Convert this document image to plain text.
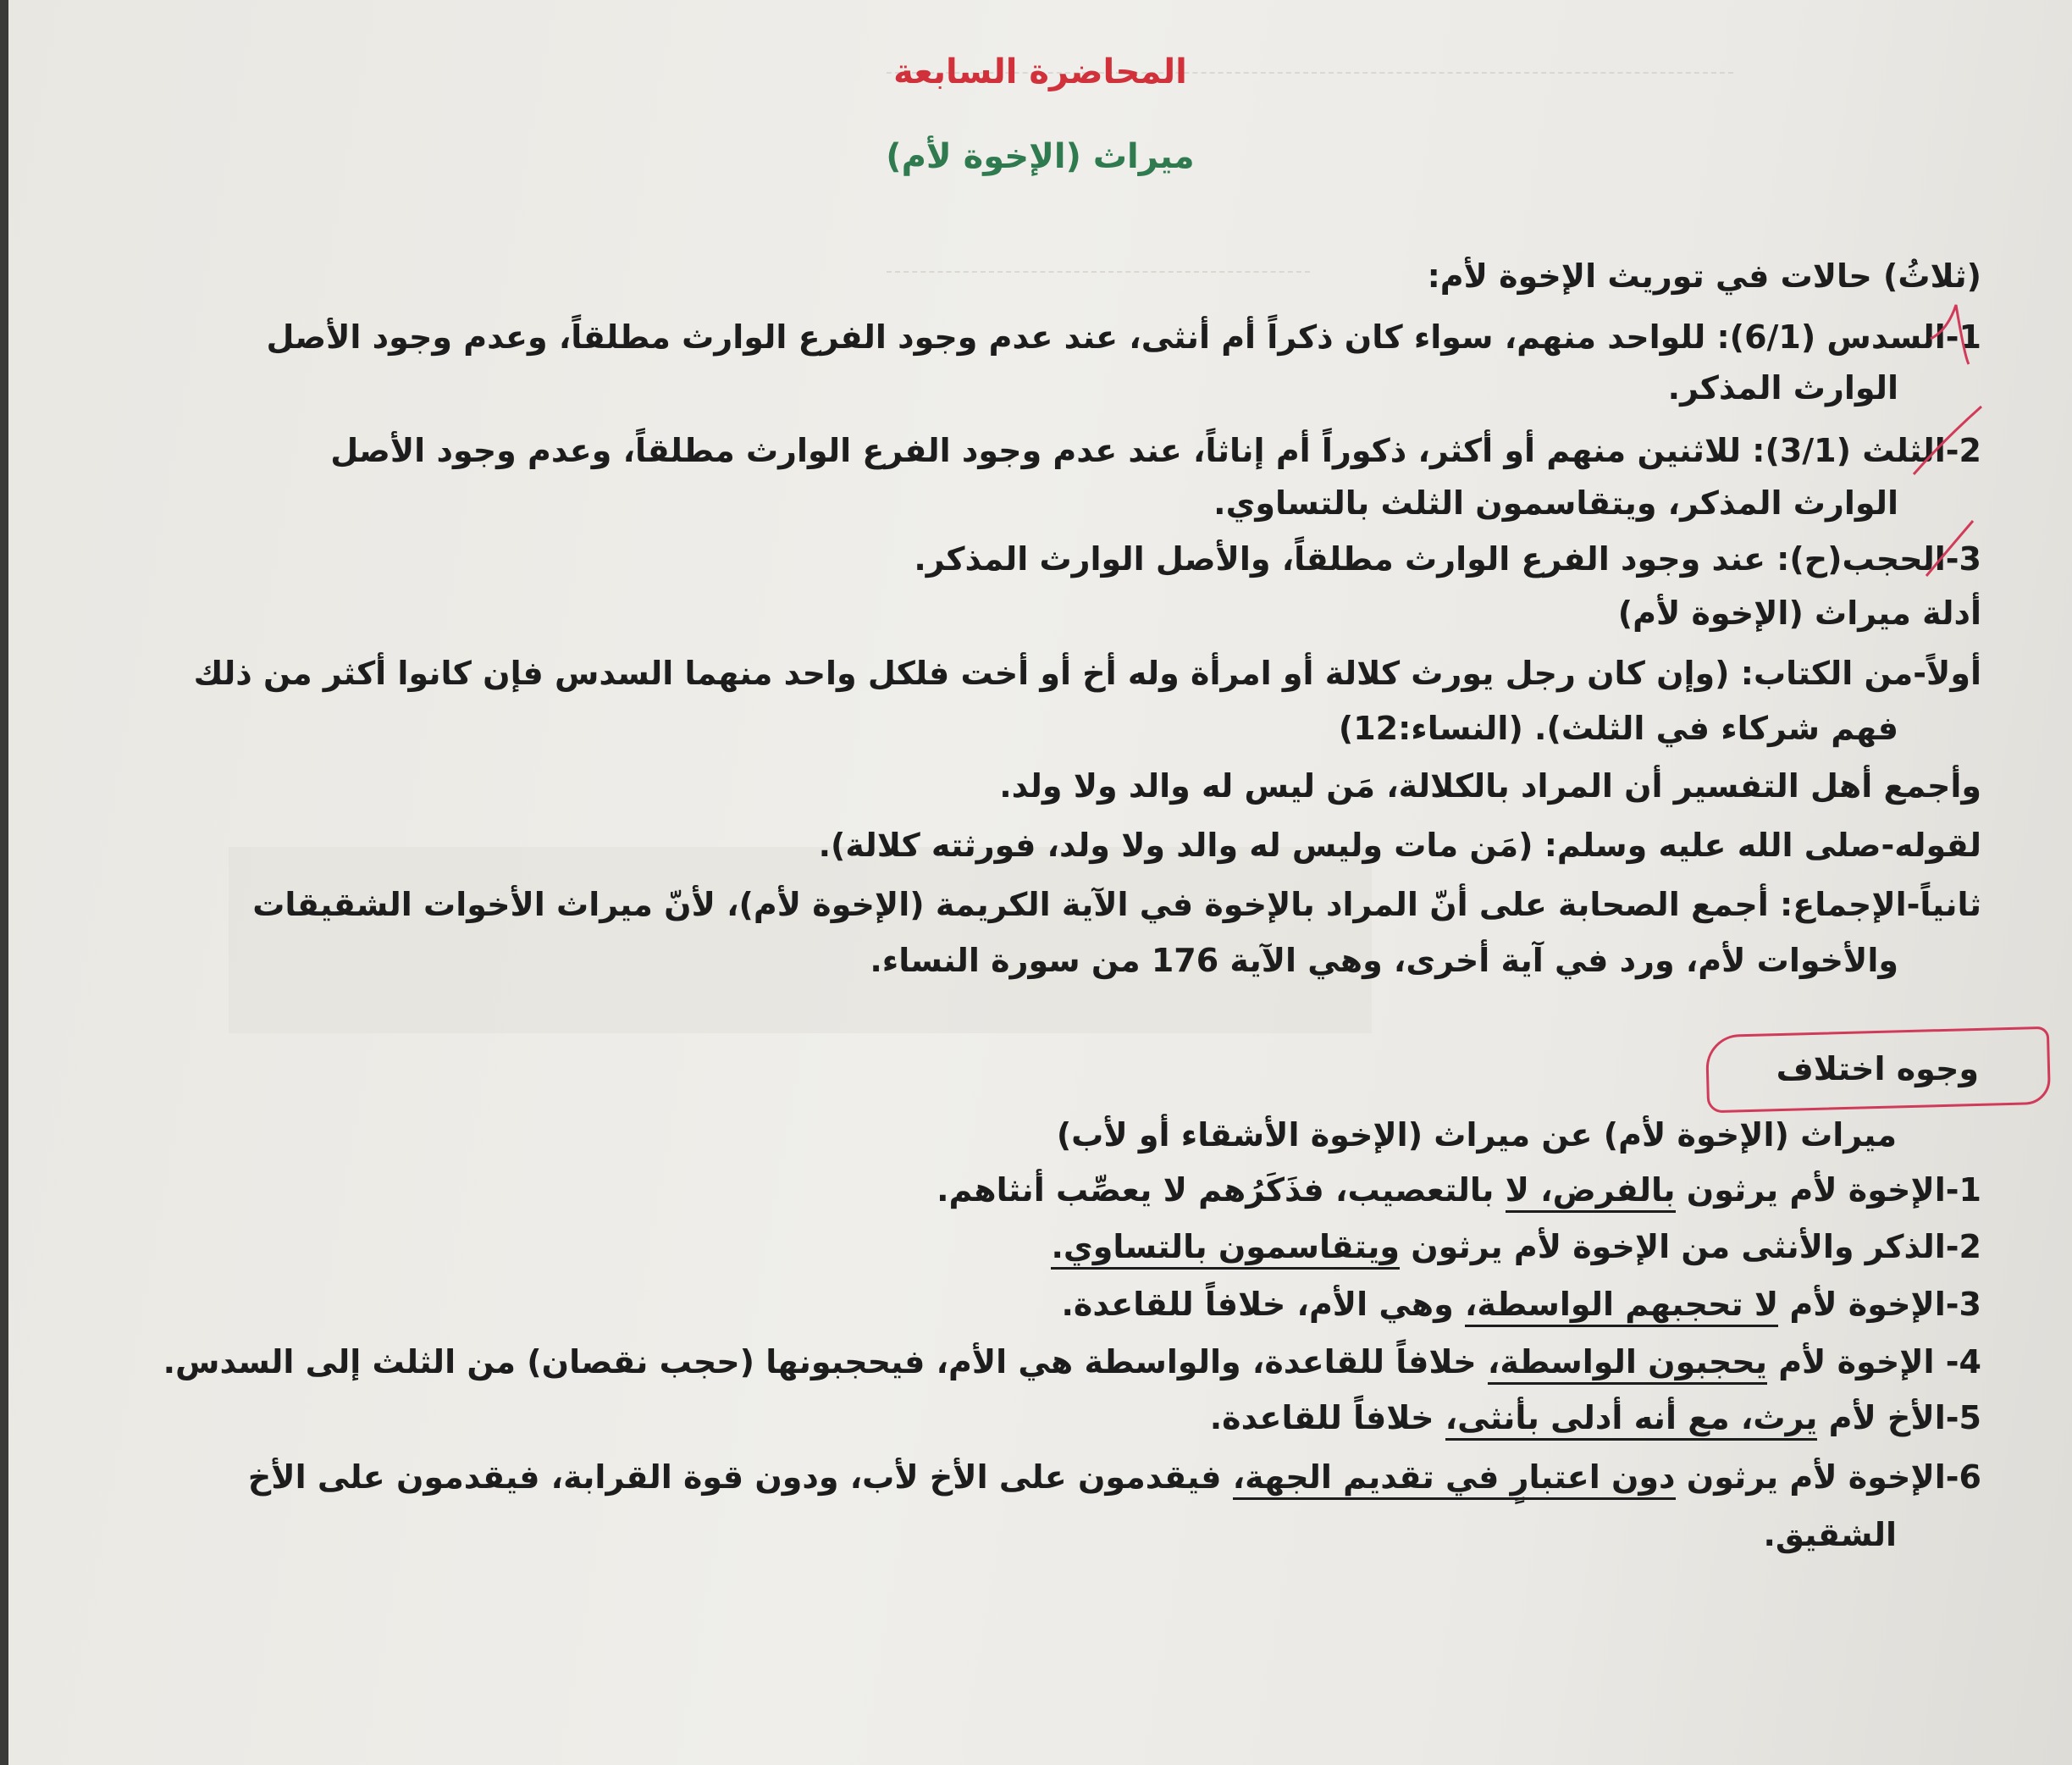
المحاضرة السابعة
ميراث (الإخوة لأم)
(ثلاثُ) حالات في توريث الإخوة لأم:
1-السدس (6/1): للواحد منهم، سواء كان ذكراً أم أنثى، عند عدم وجود الفرع الوارث مطلقاً، وعدم وجود الأصل
الوارث المذكر.
2-الثلث (3/1): للاثنين منهم أو أكثر، ذكوراً أم إناثاً، عند عدم وجود الفرع الوارث مطلقاً، وعدم وجود الأصل
الوارث المذكر، ويتقاسمون الثلث بالتساوي.
3-الحجب(ح): عند وجود الفرع الوارث مطلقاً، والأصل الوارث المذكر.
أدلة ميراث (الإخوة لأم)
أولاً-من الكتاب: (وإن كان رجل يورث كلالة أو امرأة وله أخ أو أخت فلكل واحد منهما السدس فإن كانوا أكثر من ذلك
فهم شركاء في الثلث). (النساء:12)
وأجمع أهل التفسير أن المراد بالكلالة، مَن ليس له والد ولا ولد.
لقوله-صلى الله عليه وسلم: (مَن مات وليس له والد ولا ولد، فورثته كلالة).
ثانياً-الإجماع: أجمع الصحابة على أنّ المراد بالإخوة في الآية الكريمة (الإخوة لأم)، لأنّ ميراث الأخوات الشقيقات
والأخوات لأم، ورد في آية أخرى، وهي الآية 176 من سورة النساء.
وجوه اختلاف
ميراث (الإخوة لأم) عن ميراث (الإخوة الأشقاء أو لأب)
1-الإخوة لأم يرثون بالفرض، لا بالتعصيب، فذَكَرُهم لا يعصِّب أنثاهم.
2-الذكر والأنثى من الإخوة لأم يرثون ويتقاسمون بالتساوي.
3-الإخوة لأم لا تحجبهم الواسطة، وهي الأم، خلافاً للقاعدة.
4- الإخوة لأم يحجبون الواسطة، خلافاً للقاعدة، والواسطة هي الأم، فيحجبونها (حجب نقصان) من الثلث إلى السدس.
5-الأخ لأم يرث، مع أنه أدلى بأنثى، خلافاً للقاعدة.
6-الإخوة لأم يرثون دون اعتبارٍ في تقديم الجهة، فيقدمون على الأخ لأب، ودون قوة القرابة، فيقدمون على الأخ
الشقيق.
